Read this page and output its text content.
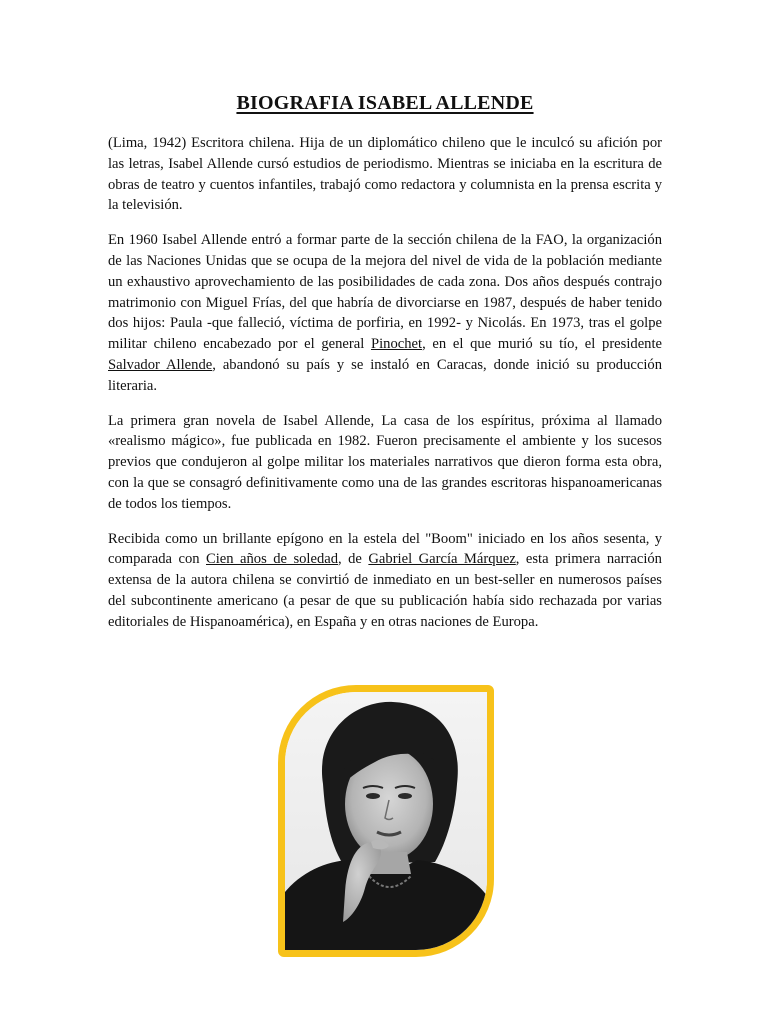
BIOGRAFIA ISABEL ALLENDE

(Lima, 1942) Escritora chilena. Hija de un diplomático chileno que le inculcó su afición por las letras, Isabel Allende cursó estudios de periodismo. Mientras se iniciaba en la escritura de obras de teatro y cuentos infantiles, trabajó como redactora y columnista en la prensa escrita y la televisión.

En 1960 Isabel Allende entró a formar parte de la sección chilena de la FAO, la organización de las Naciones Unidas que se ocupa de la mejora del nivel de vida de la población mediante un exhaustivo aprovechamiento de las posibilidades de cada zona. Dos años después contrajo matrimonio con Miguel Frías, del que habría de divorciarse en 1987, después de haber tenido dos hijos: Paula -que falleció, víctima de porfiria, en 1992- y Nicolás. En 1973, tras el golpe militar chileno encabezado por el general Pinochet, en el que murió su tío, el presidente Salvador Allende, abandonó su país y se instaló en Caracas, donde inició su producción literaria.

La primera gran novela de Isabel Allende, La casa de los espíritus, próxima al llamado «realismo mágico», fue publicada en 1982. Fueron precisamente el ambiente y los sucesos previos que condujeron al golpe militar los materiales narrativos que dieron forma esta obra, con la que se consagró definitivamente como una de las grandes escritoras hispanoamericanas de todos los tiempos.

Recibida como un brillante epígono en la estela del "Boom" iniciado en los años sesenta, y comparada con Cien años de soledad, de Gabriel García Márquez, esta primera narración extensa de la autora chilena se convirtió de inmediato en un best-seller en numerosos países del subcontinente americano (a pesar de que su publicación había sido rechazada por varias editoriales de Hispanoamérica), en España y en otras naciones de Europa.
